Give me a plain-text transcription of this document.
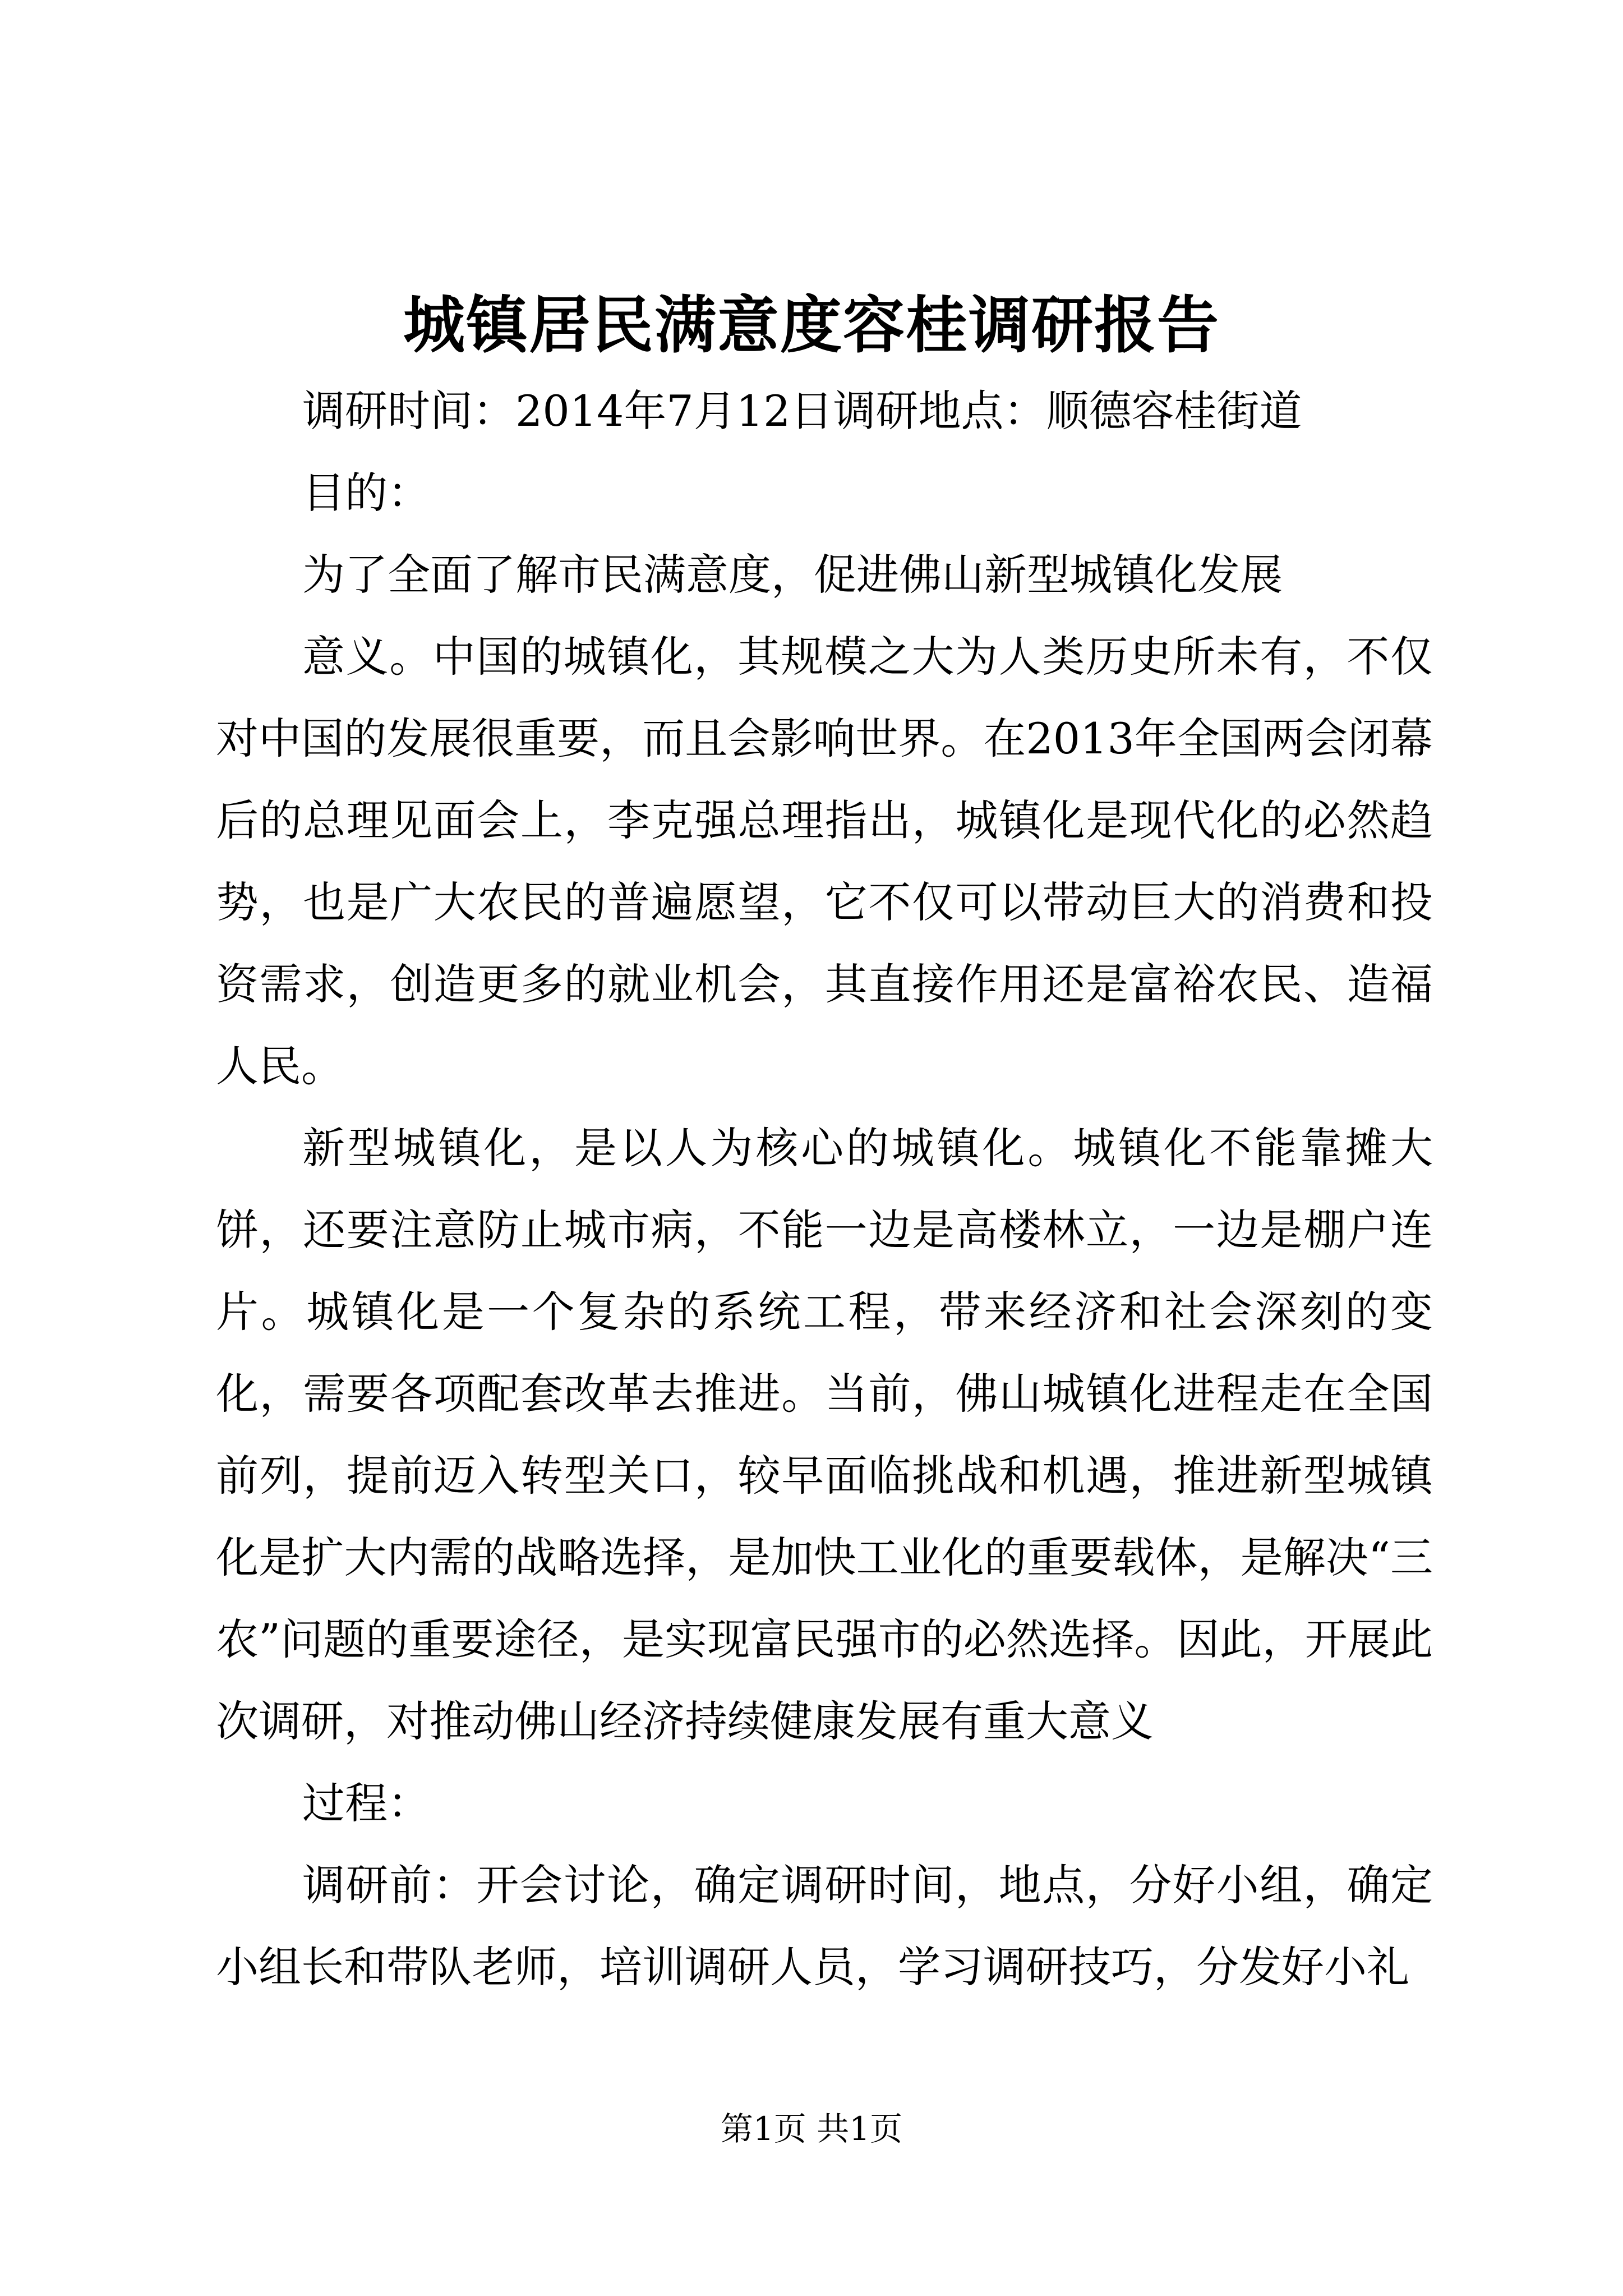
城镇居民满意度容桂调研报告

调研时间：2014年7月12日调研地点：顺德容桂街道

目的：

为了全面了解市民满意度，促进佛山新型城镇化发展

意义。中国的城镇化，其规模之大为人类历史所未有，不仅对中国的发展很重要，而且会影响世界。在2013年全国两会闭幕后的总理见面会上，李克强总理指出，城镇化是现代化的必然趋势，也是广大农民的普遍愿望，它不仅可以带动巨大的消费和投资需求，创造更多的就业机会，其直接作用还是富裕农民、造福人民。

新型城镇化，是以人为核心的城镇化。城镇化不能靠摊大饼，还要注意防止城市病，不能一边是高楼林立，一边是棚户连片。城镇化是一个复杂的系统工程，带来经济和社会深刻的变化，需要各项配套改革去推进。当前，佛山城镇化进程走在全国前列，提前迈入转型关口，较早面临挑战和机遇，推进新型城镇化是扩大内需的战略选择，是加快工业化的重要载体，是解决“三农”问题的重要途径，是实现富民强市的必然选择。因此，开展此次调研，对推动佛山经济持续健康发展有重大意义

过程：

调研前：开会讨论，确定调研时间，地点，分好小组，确定小组长和带队老师，培训调研人员，学习调研技巧，分发好小礼

第1页 共1页
